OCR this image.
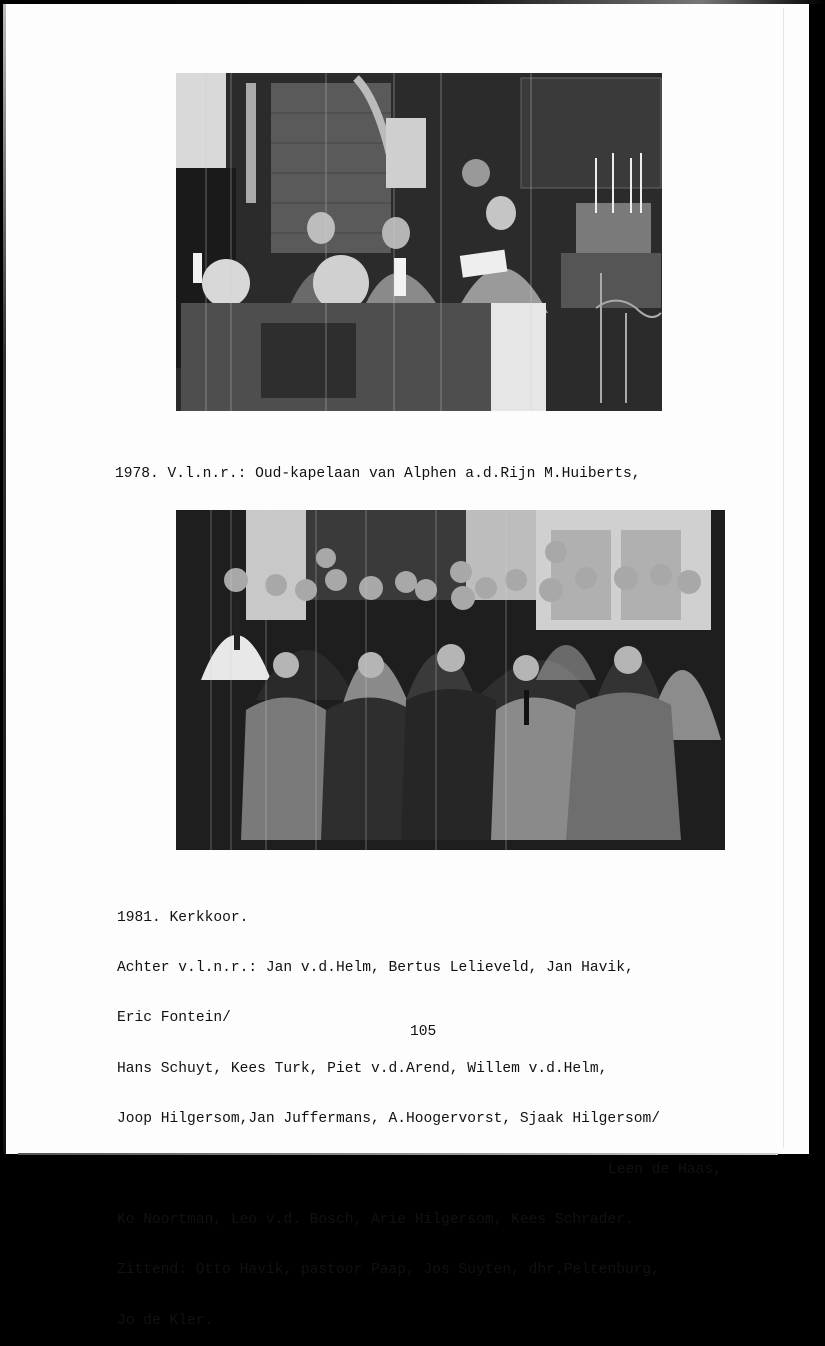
1978. V.l.n.r.: Oud-kapelaan van Alphen a.d.Rijn M.Huiberts,

1981. Kerkkoor.

Achter v.l.n.r.: Jan v.d.Helm, Bertus Lelieveld, Jan Havik,

Eric Fontein/

Hans Schuyt, Kees Turk, Piet v.d.Arend, Willem v.d.Helm,

Joop Hilgersom,Jan Juffermans, A.Hoogervorst, Sjaak Hilgersom/

Leen de Haas,

Ko Noortman, Leo v.d. Bosch, Arie Hilgersom, Kees Schrader.

Zittend: Otto Havik, pastoor Paap, Jos Suyten, dhr.Peltenburg,

Jo de Kler.

105
